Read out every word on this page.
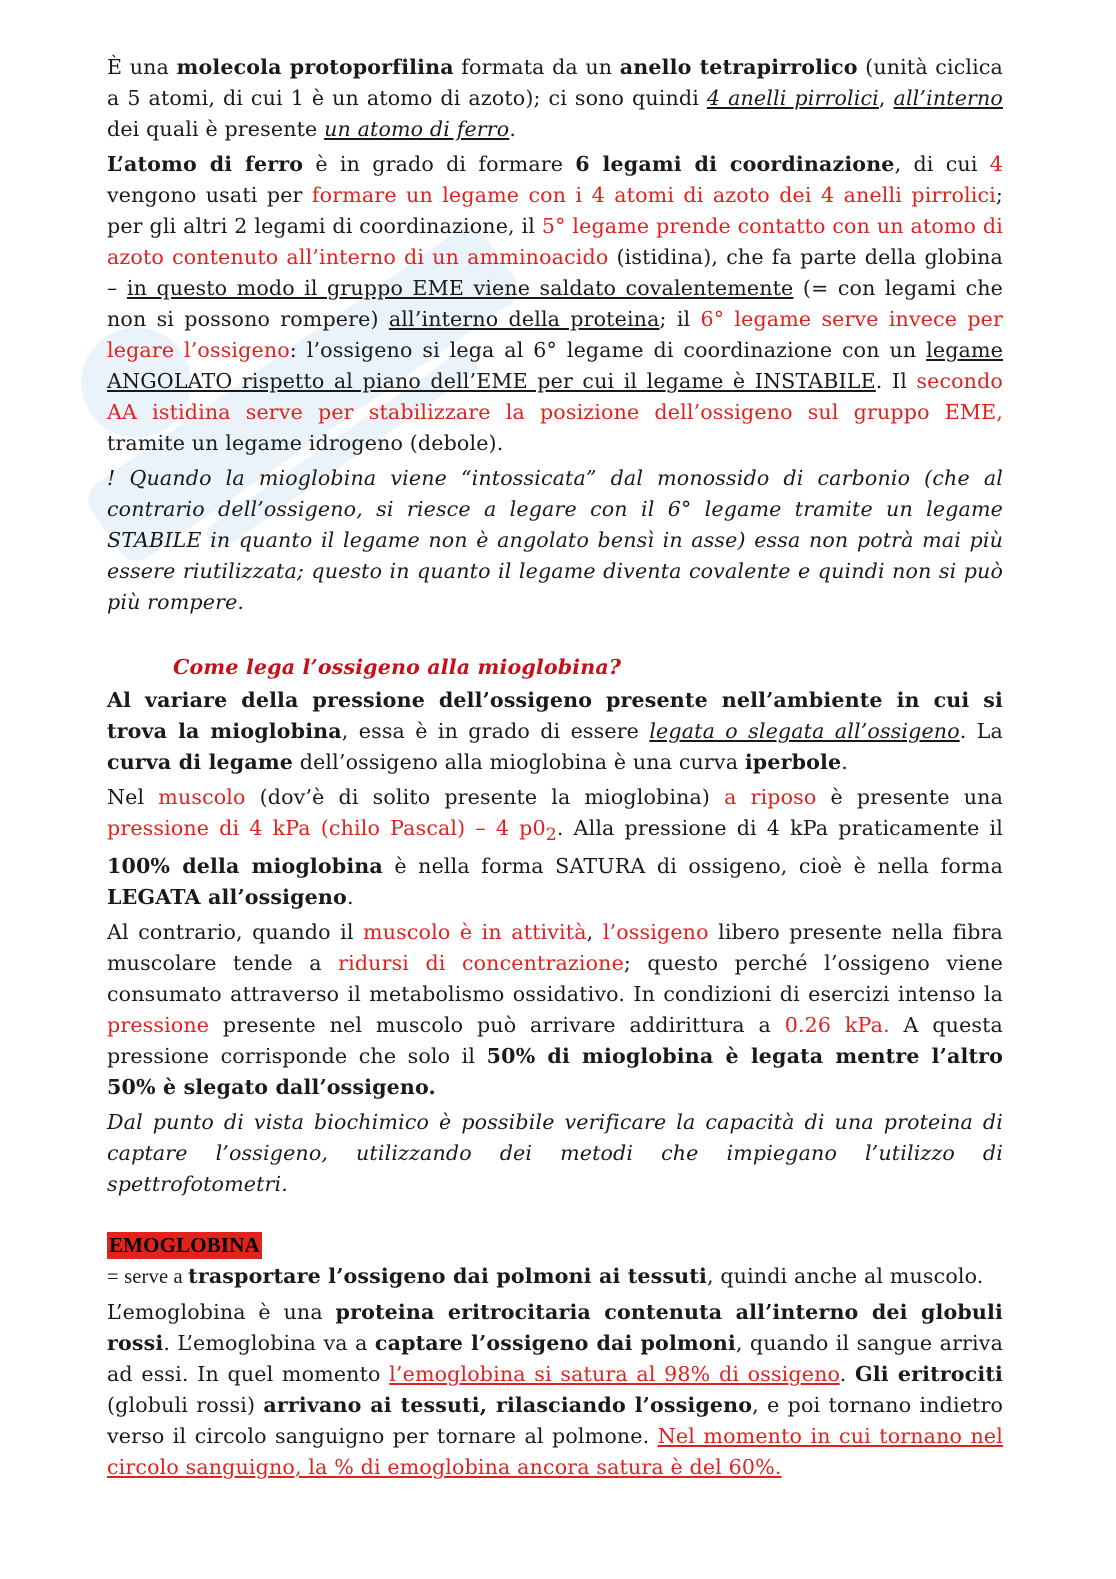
È una molecola protoporfilina formata da un anello tetrapirrolico (unità ciclica a 5 atomi, di cui 1 è un atomo di azoto); ci sono quindi 4 anelli pirrolici, all’interno dei quali è presente un atomo di ferro.

L’atomo di ferro è in grado di formare 6 legami di coordinazione, di cui 4 vengono usati per formare un legame con i 4 atomi di azoto dei 4 anelli pirrolici; per gli altri 2 legami di coordinazione, il 5° legame prende contatto con un atomo di azoto contenuto all’interno di un amminoacido (istidina), che fa parte della globina – in questo modo il gruppo EME viene saldato covalentemente (= con legami che non si possono rompere) all’interno della proteina; il 6° legame serve invece per legare l’ossigeno: l’ossigeno si lega al 6° legame di coordinazione con un legame ANGOLATO rispetto al piano dell’EME per cui il legame è INSTABILE. Il secondo AA istidina serve per stabilizzare la posizione dell’ossigeno sul gruppo EME, tramite un legame idrogeno (debole).

! Quando la mioglobina viene “intossicata” dal monossido di carbonio (che al contrario dell’ossigeno, si riesce a legare con il 6° legame tramite un legame STABILE in quanto il legame non è angolato bensì in asse) essa non potrà mai più essere riutilizzata; questo in quanto il legame diventa covalente e quindi non si può più rompere.

Come lega l’ossigeno alla mioglobina?

Al variare della pressione dell’ossigeno presente nell’ambiente in cui si trova la mioglobina, essa è in grado di essere legata o slegata all’ossigeno. La curva di legame dell’ossigeno alla mioglobina è una curva iperbole.

Nel muscolo (dov’è di solito presente la mioglobina) a riposo è presente una pressione di 4 kPa (chilo Pascal) – 4 $p0_2$. Alla pressione di 4 kPa praticamente il 100% della mioglobina è nella forma SATURA di ossigeno, cioè è nella forma LEGATA all’ossigeno.

Al contrario, quando il muscolo è in attività, l’ossigeno libero presente nella fibra muscolare tende a ridursi di concentrazione; questo perché l’ossigeno viene consumato attraverso il metabolismo ossidativo. In condizioni di esercizi intenso la pressione presente nel muscolo può arrivare addirittura a 0.26 kPa. A questa pressione corrisponde che solo il 50% di mioglobina è legata mentre l’altro 50% è slegato dall’ossigeno.

Dal punto di vista biochimico è possibile verificare la capacità di una proteina di captare l’ossigeno, utilizzando dei metodi che impiegano l’utilizzo di spettrofotometri.

EMOGLOBINA

= serve a trasportare l’ossigeno dai polmoni ai tessuti, quindi anche al muscolo.

L’emoglobina è una proteina eritrocitaria contenuta all’interno dei globuli rossi. L’emoglobina va a captare l’ossigeno dai polmoni, quando il sangue arriva ad essi. In quel momento l’emoglobina si satura al 98% di ossigeno. Gli eritrociti (globuli rossi) arrivano ai tessuti, rilasciando l’ossigeno, e poi tornano indietro verso il circolo sanguigno per tornare al polmone. Nel momento in cui tornano nel circolo sanguigno, la % di emoglobina ancora satura è del 60%.
